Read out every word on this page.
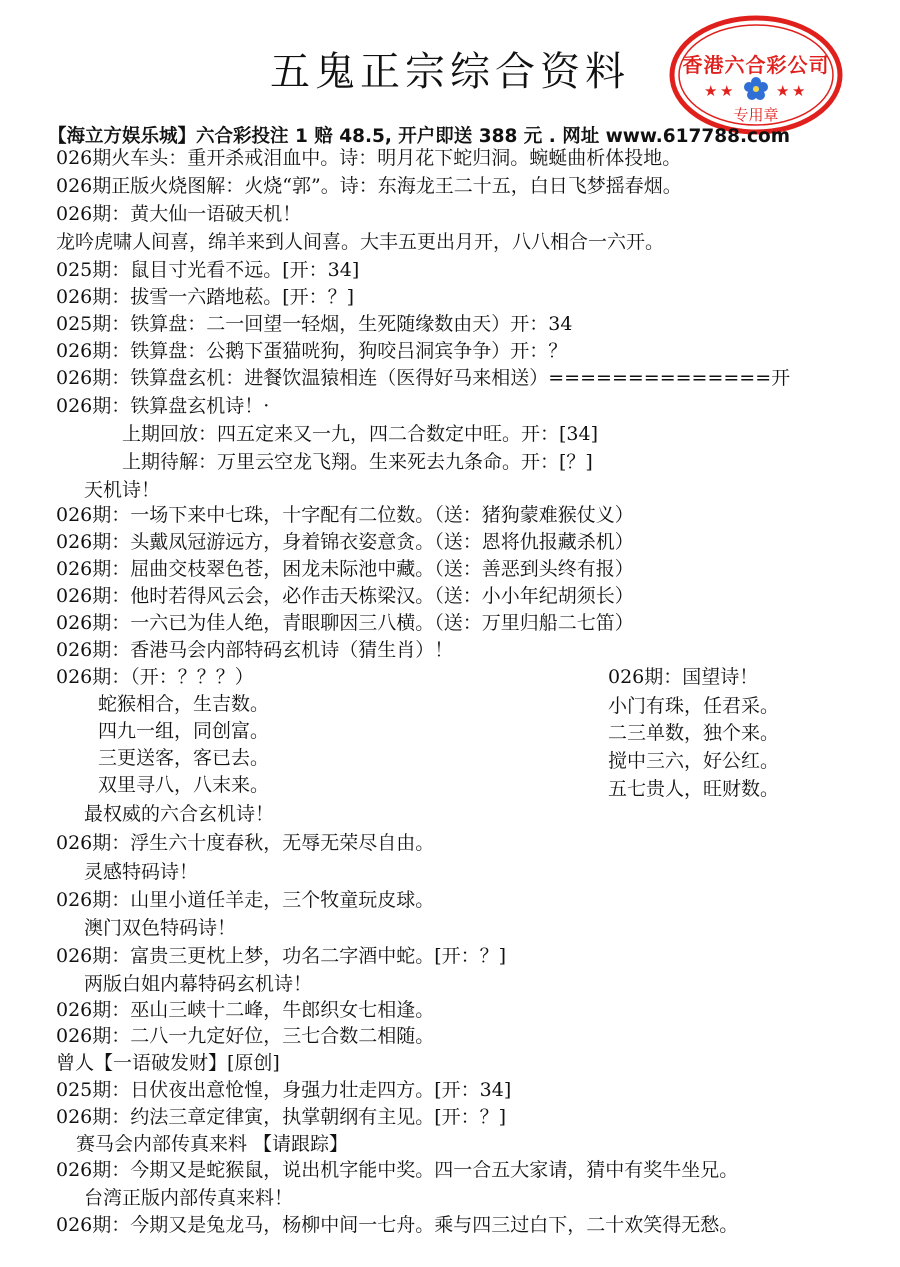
五鬼正宗综合资料	香港六合彩公司
★ ★	★ ★
专用章
【海立方娱乐城】六合彩投注 1 赔 48.5, 开户即送 388 元 . 网址 www.617788.com
026期火车头：重开杀戒泪血中。诗：明月花下蛇归洞。蜿蜒曲析体投地。
026期正版火烧图解：火烧“郭”。诗：东海龙王二十五，白日飞梦摇春烟。
026期：黄大仙一语破天机！
龙吟虎啸人间喜，绵羊来到人间喜。大丰五更出月开，八八相合一六开。
025期：鼠目寸光看不远。[开：34]
026期：拔雪一六踏地菘。[开：？]
025期：铁算盘：二一回望一轻烟，生死随缘数由天）开：34
026期：铁算盘：公鹅下蛋猫咣狗，狗咬吕洞宾争争）开：？
026期：铁算盘玄机：进餐饮温猿相连（医得好马来相送）==============开
026期：铁算盘玄机诗！·
上期回放：四五定来又一九，四二合数定中旺。开：[34]
上期待解：万里云空龙飞翔。生来死去九条命。开：[？]
天机诗！
026期：一场下来中七珠，十字配有二位数。（送：猪狗蒙难猴仗义）
026期：头戴凤冠游远方，身着锦衣姿意贪。（送：恩将仇报藏杀机）
026期：屈曲交枝翠色苍，困龙未际池中藏。（送：善恶到头终有报）
026期：他时若得风云会，必作击天栋梁汉。（送：小小年纪胡须长）
026期：一六已为佳人绝，青眼聊因三八横。（送：万里归船二七笛）
026期：香港马会内部特码玄机诗（猜生肖）！
026期：（开：？？？）
蛇猴相合，生吉数。
四九一组，同创富。
三更送客，客已去。
双里寻八，八末来。
最权威的六合玄机诗！
026期：浮生六十度春秋，无辱无荣尽自由。
灵感特码诗！
026期：山里小道任羊走，三个牧童玩皮球。
澳门双色特码诗！
026期：富贵三更枕上梦，功名二字酒中蛇。[开：？]
两版白姐内幕特码玄机诗！
026期：巫山三峡十二峰，牛郎织女七相逢。
026期：二八一九定好位，三七合数二相随。
曾人【一语破发财】[原创]
025期：日伏夜出意怆惶，身强力壮走四方。[开：34]
026期：约法三章定律寅，执掌朝纲有主见。[开：？]
赛马会内部传真来料 【请跟踪】
026期：今期又是蛇猴鼠，说出机字能中奖。四一合五大家请，猜中有奖牛坐兄。
台湾正版内部传真来料！
026期：今期又是兔龙马，杨柳中间一七舟。乘与四三过白下，二十欢笑得无愁。
026期：国望诗！
小门有珠，任君采。
二三单数，独个来。
搅中三六，好公红。
五七贵人，旺财数。
